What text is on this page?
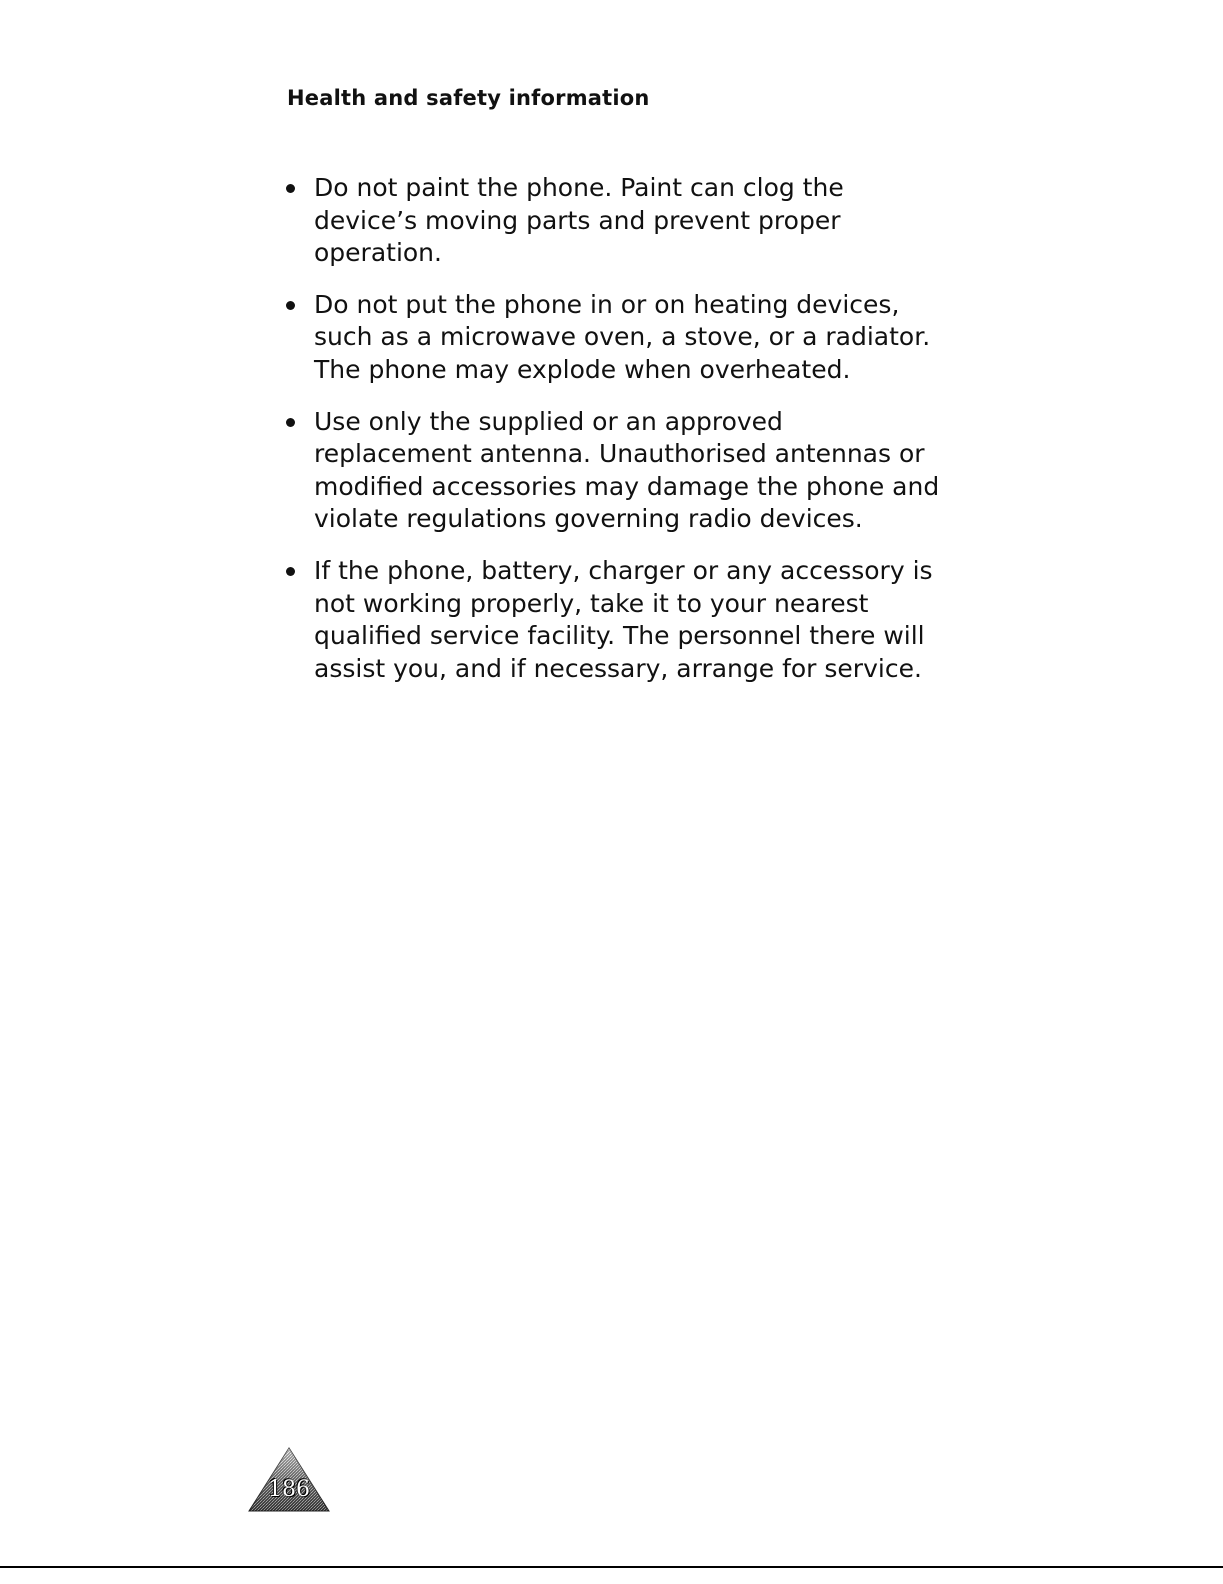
Health and safety information
Do not paint the phone. Paint can clog the
device’s moving parts and prevent proper
operation.
Do not put the phone in or on heating devices,
such as a microwave oven, a stove, or a radiator.
The phone may explode when overheated.
Use only the supplied or an approved
replacement antenna. Unauthorised antennas or
modified accessories may damage the phone and
violate regulations governing radio devices.
If the phone, battery, charger or any accessory is
not working properly, take it to your nearest
qualified service facility. The personnel there will
assist you, and if necessary, arrange for service.
186
